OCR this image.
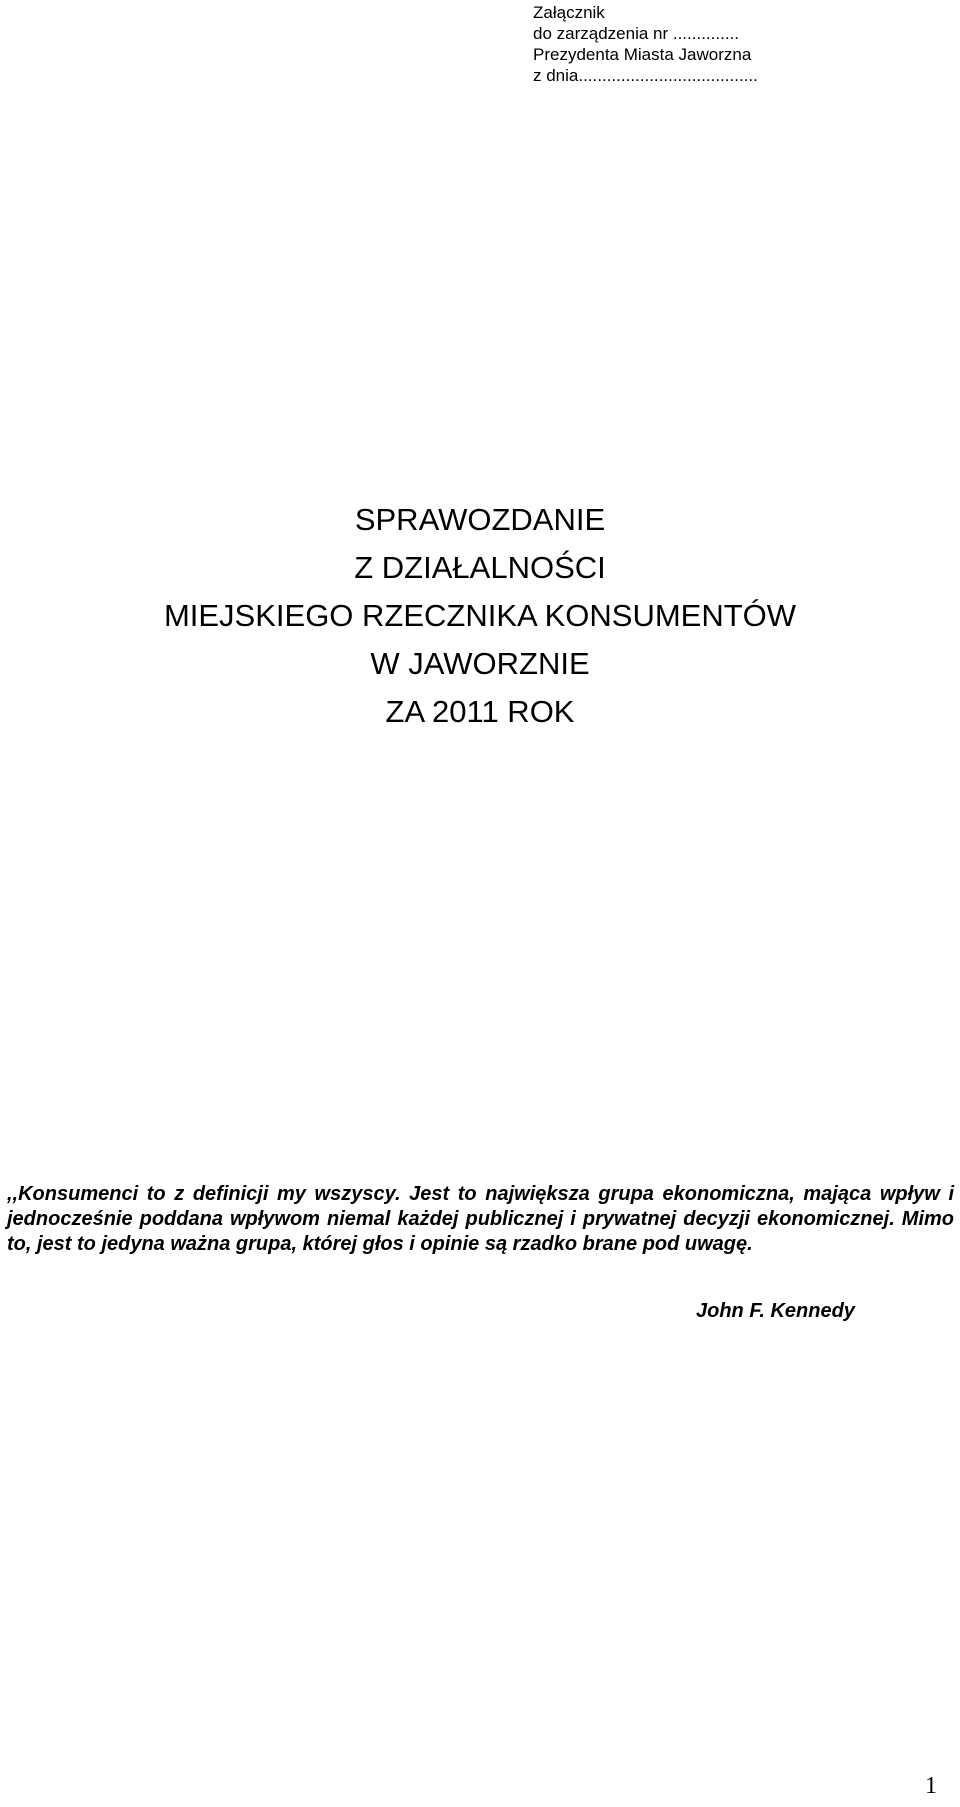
Załącznik
do zarządzenia nr ..............
Prezydenta Miasta Jaworzna
z dnia......................................
SPRAWOZDANIE
Z DZIAŁALNOŚCI
MIEJSKIEGO RZECZNIKA KONSUMENTÓW
W JAWORZNIE
ZA 2011 ROK
,,Konsumenci to z definicji my wszyscy. Jest to największa grupa ekonomiczna, mająca wpływ i jednocześnie poddana wpływom niemal każdej publicznej i prywatnej decyzji ekonomicznej. Mimo to, jest to jedyna ważna grupa, której głos i opinie są rzadko brane pod uwagę.
John F. Kennedy
1
